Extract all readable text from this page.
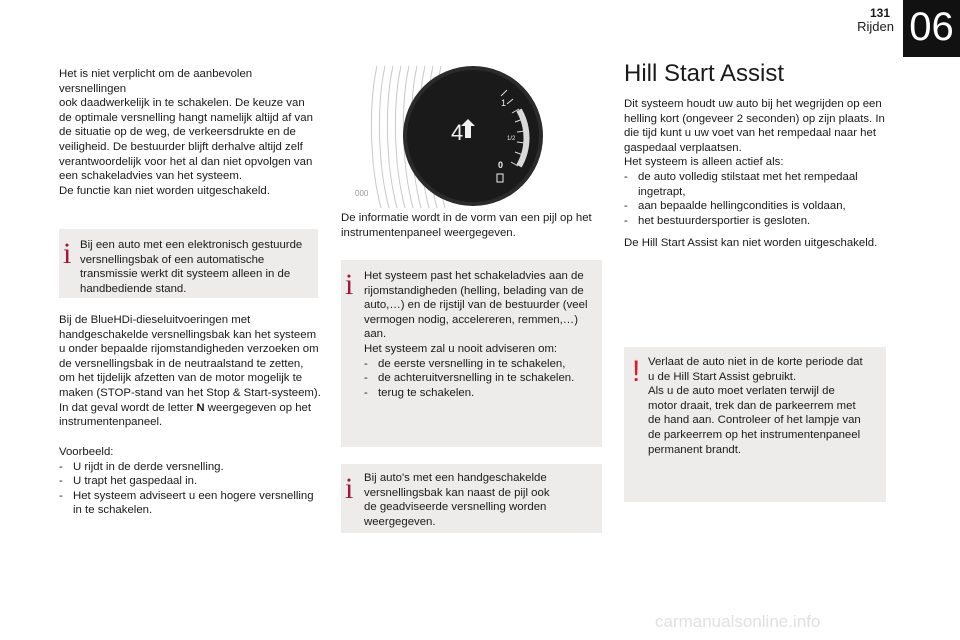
131
Rijden 06

Het is niet verplicht om de aanbevolen versnellingen

ook daadwerkelijk in te schakelen. De keuze van

de optimale versnelling hangt namelijk altijd af van

de situatie op de weg, de verkeersdrukte en de

veiligheid. De bestuurder blijft derhalve altijd zelf

verantwoordelijk voor het al dan niet opvolgen van

een schakeladvies van het systeem.

De functie kan niet worden uitgeschakeld.

i Bij een auto met een elektronisch gestuurde

versnellingsbak of een automatische

transmissie werkt dit systeem alleen in de

handbediende stand.

Bij de BlueHDi-dieseluitvoeringen met

handgeschakelde versnellingsbak kan het systeem

u onder bepaalde rijomstandigheden verzoeken om

de versnellingsbak in de neutraalstand te zetten,

om het tijdelijk afzetten van de motor mogelijk te

maken (STOP-stand van het Stop & Start-systeem).

In dat geval wordt de letter N weergegeven op het

instrumentenpaneel.

Voorbeeld:

- U rijdt in de derde versnelling.
- U trapt het gaspedaal in.
- Het systeem adviseert u een hogere versnelling in te schakelen.
4
1
1/2
0
000

De informatie wordt in de vorm van een pijl op het

instrumentenpaneel weergegeven.

i Het systeem past het schakeladvies aan de

rijomstandigheden (helling, belading van de

auto,…) en de rijstijl van de bestuurder (veel

vermogen nodig, accelereren, remmen,…)

aan.

Het systeem zal u nooit adviseren om:

- de eerste versnelling in te schakelen,
- de achteruitversnelling in te schakelen.
- terug te schakelen.
i Bij auto's met een handgeschakelde

versnellingsbak kan naast de pijl ook

de geadviseerde versnelling worden

weergegeven.

Hill Start Assist

Dit systeem houdt uw auto bij het wegrijden op een

helling kort (ongeveer 2 seconden) op zijn plaats. In

die tijd kunt u uw voet van het rempedaal naar het

gaspedaal verplaatsen.

Het systeem is alleen actief als:

- de auto volledig stilstaat met het rempedaal ingetrapt,
- aan bepaalde hellingcondities is voldaan,
- het bestuurdersportier is gesloten.

De Hill Start Assist kan niet worden uitgeschakeld.

! Verlaat de auto niet in de korte periode dat

u de Hill Start Assist gebruikt.

Als u de auto moet verlaten terwijl de

motor draait, trek dan de parkeerrem met

de hand aan. Controleer of het lampje van

de parkeerrem op het instrumentenpaneel

permanent brandt.

carmanualsonline.info
